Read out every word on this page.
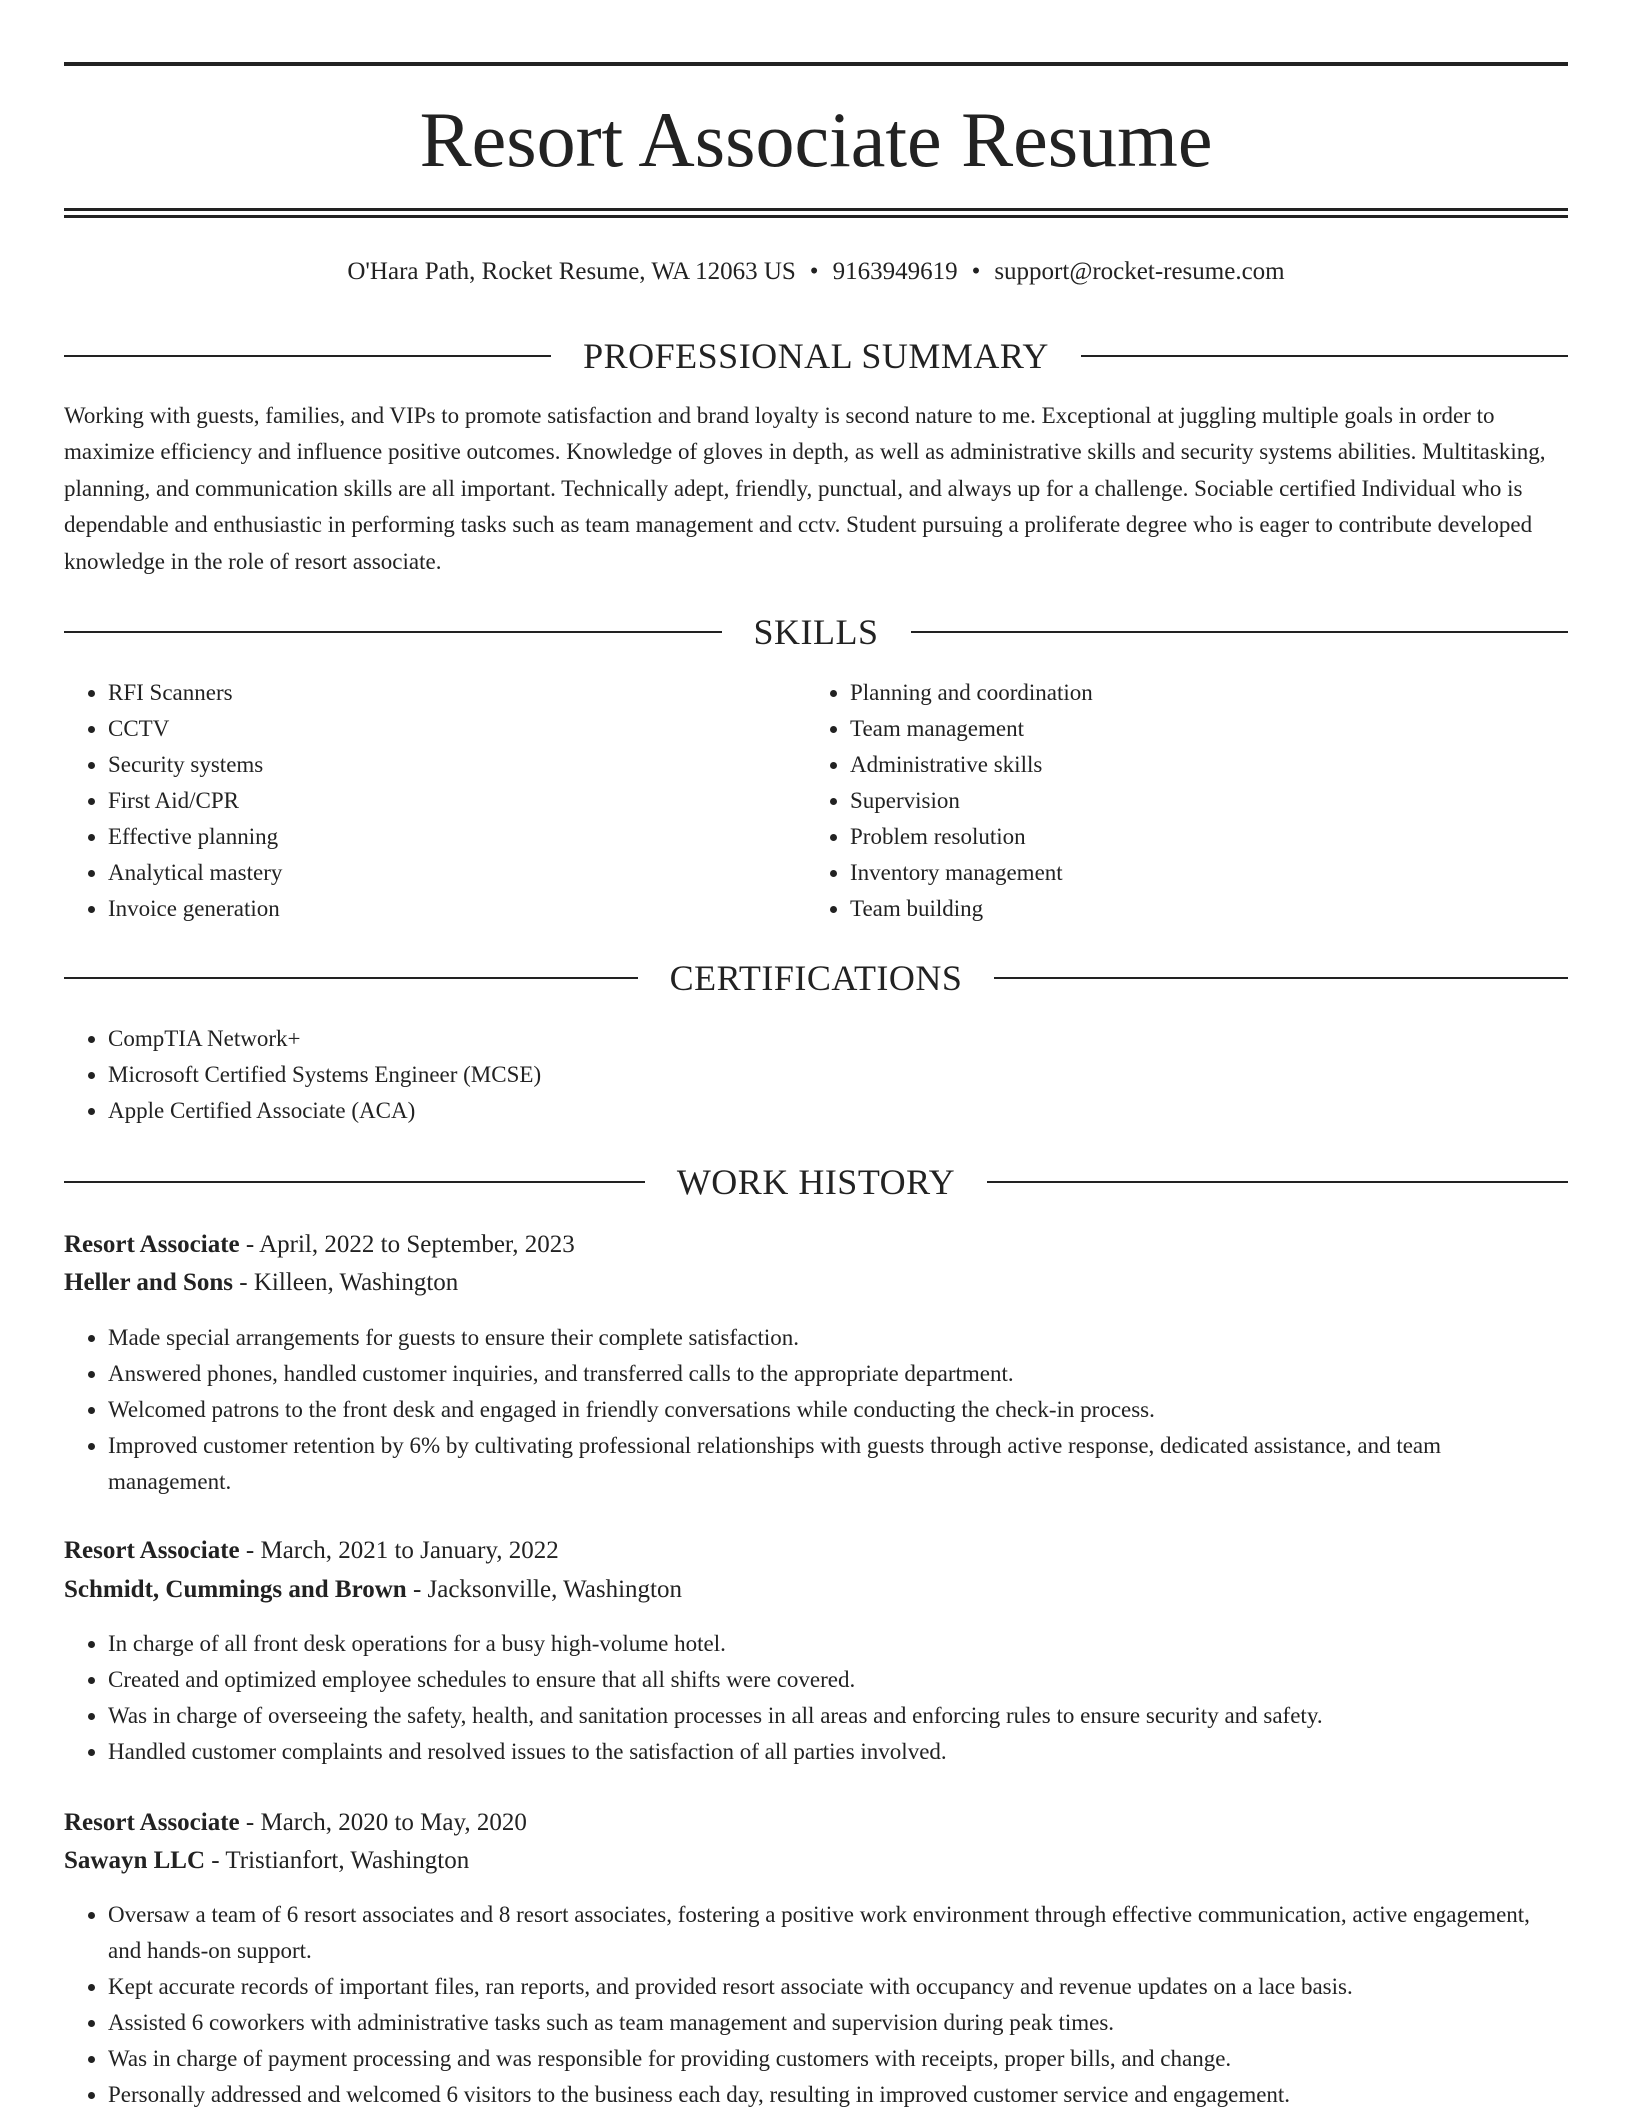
Resort Associate Resume
O'Hara Path, Rocket Resume, WA 12063 US • 9163949619 • support@rocket-resume.com
PROFESSIONAL SUMMARY
Working with guests, families, and VIPs to promote satisfaction and brand loyalty is second nature to me. Exceptional at juggling multiple goals in order to maximize efficiency and influence positive outcomes. Knowledge of gloves in depth, as well as administrative skills and security systems abilities. Multitasking, planning, and communication skills are all important. Technically adept, friendly, punctual, and always up for a challenge. Sociable certified Individual who is dependable and enthusiastic in performing tasks such as team management and cctv. Student pursuing a proliferate degree who is eager to contribute developed knowledge in the role of resort associate.
SKILLS
• RFI Scanners
• CCTV
• Security systems
• First Aid/CPR
• Effective planning
• Analytical mastery
• Invoice generation
• Planning and coordination
• Team management
• Administrative skills
• Supervision
• Problem resolution
• Inventory management
• Team building
CERTIFICATIONS
• CompTIA Network+
• Microsoft Certified Systems Engineer (MCSE)
• Apple Certified Associate (ACA)
WORK HISTORY
Resort Associate - April, 2022 to September, 2023
Heller and Sons - Killeen, Washington
• Made special arrangements for guests to ensure their complete satisfaction.
• Answered phones, handled customer inquiries, and transferred calls to the appropriate department.
• Welcomed patrons to the front desk and engaged in friendly conversations while conducting the check-in process.
• Improved customer retention by 6% by cultivating professional relationships with guests through active response, dedicated assistance, and team management.
Resort Associate - March, 2021 to January, 2022
Schmidt, Cummings and Brown - Jacksonville, Washington
• In charge of all front desk operations for a busy high-volume hotel.
• Created and optimized employee schedules to ensure that all shifts were covered.
• Was in charge of overseeing the safety, health, and sanitation processes in all areas and enforcing rules to ensure security and safety.
• Handled customer complaints and resolved issues to the satisfaction of all parties involved.
Resort Associate - March, 2020 to May, 2020
Sawayn LLC - Tristianfort, Washington
• Oversaw a team of 6 resort associates and 8 resort associates, fostering a positive work environment through effective communication, active engagement, and hands-on support.
• Kept accurate records of important files, ran reports, and provided resort associate with occupancy and revenue updates on a lace basis.
• Assisted 6 coworkers with administrative tasks such as team management and supervision during peak times.
• Was in charge of payment processing and was responsible for providing customers with receipts, proper bills, and change.
• Personally addressed and welcomed 6 visitors to the business each day, resulting in improved customer service and engagement.
